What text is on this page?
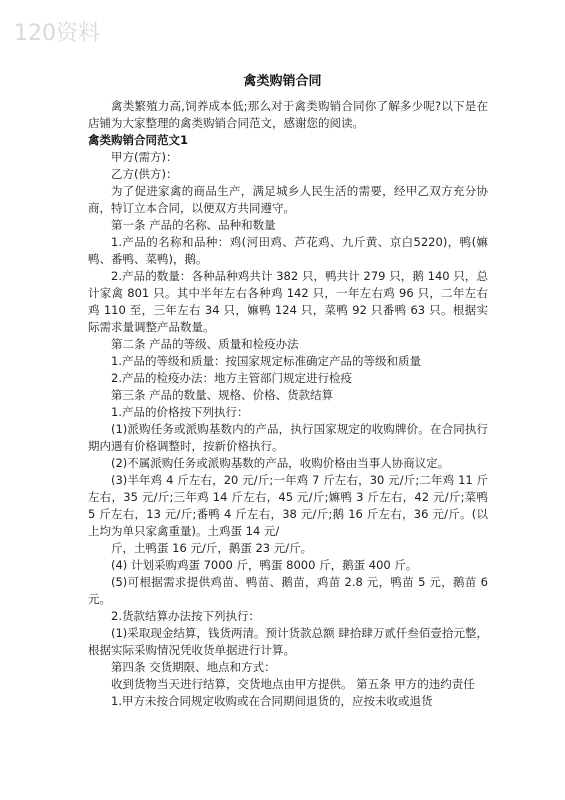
120资料
禽类购销合同

禽类繁殖力高,饲养成本低;那么对于禽类购销合同你了解多少呢?以下是在店铺为大家整理的禽类购销合同范文，感谢您的阅读。

禽类购销合同范文1

甲方(需方)：

乙方(供方)：

为了促进家禽的商品生产，满足城乡人民生活的需要，经甲乙双方充分协商，特订立本合同，以便双方共同遵守。

第一条 产品的名称、品种和数量

1.产品的名称和品种：鸡(河田鸡、芦花鸡、九斤黄、京白5220)，鸭(嫲鸭、番鸭、菜鸭)，鹅。

2.产品的数量：各种品种鸡共计 382 只，鸭共计 279 只，鹅 140 只，总计家禽 801 只。其中半年左右各种鸡 142 只，一年左右鸡 96 只，二年左右鸡 110 至，三年左右 34 只，嫲鸭 124 只，菜鸭 92 只番鸭 63 只。根据实际需求量调整产品数量。

第二条 产品的等级、质量和检疫办法

1.产品的等级和质量：按国家规定标准确定产品的等级和质量

2.产品的检疫办法：地方主管部门规定进行检疫

第三条 产品的数量、规格、价格、货款结算

1.产品的价格按下列执行：

(1)派购任务或派购基数内的产品，执行国家规定的收购牌价。在合同执行期内遇有价格调整时，按新价格执行。

(2)不属派购任务或派购基数的产品，收购价格由当事人协商议定。

(3)半年鸡 4 斤左右，20 元/斤;一年鸡 7 斤左右，30 元/斤;二年鸡 11 斤左右，35 元/斤;三年鸡 14 斤左右，45 元/斤;嫲鸭 3 斤左右，42 元/斤;菜鸭 5 斤左右，13 元/斤;番鸭 4 斤左右，38 元/斤;鹅 16 斤左右，36 元/斤。(以上均为单只家禽重量)。土鸡蛋 14 元/

斤，土鸭蛋 16 元/斤，鹅蛋 23 元/斤。

(4) 计划采购鸡蛋 7000 斤，鸭蛋 8000 斤，鹅蛋 400 斤。

(5)可根据需求提供鸡苗、鸭苗、鹅苗，鸡苗 2.8 元，鸭苗 5 元，鹅苗 6 元。

2.货款结算办法按下列执行：

(1)采取现金结算，钱货两清。预计货款总额 肆拾肆万贰仟叁佰壹拾元整，根据实际采购情况凭收货单据进行计算。

第四条 交货期限、地点和方式：

收到货物当天进行结算，交货地点由甲方提供。 第五条 甲方的违约责任

1.甲方未按合同规定收购或在合同期间退货的，应按未收或退货
